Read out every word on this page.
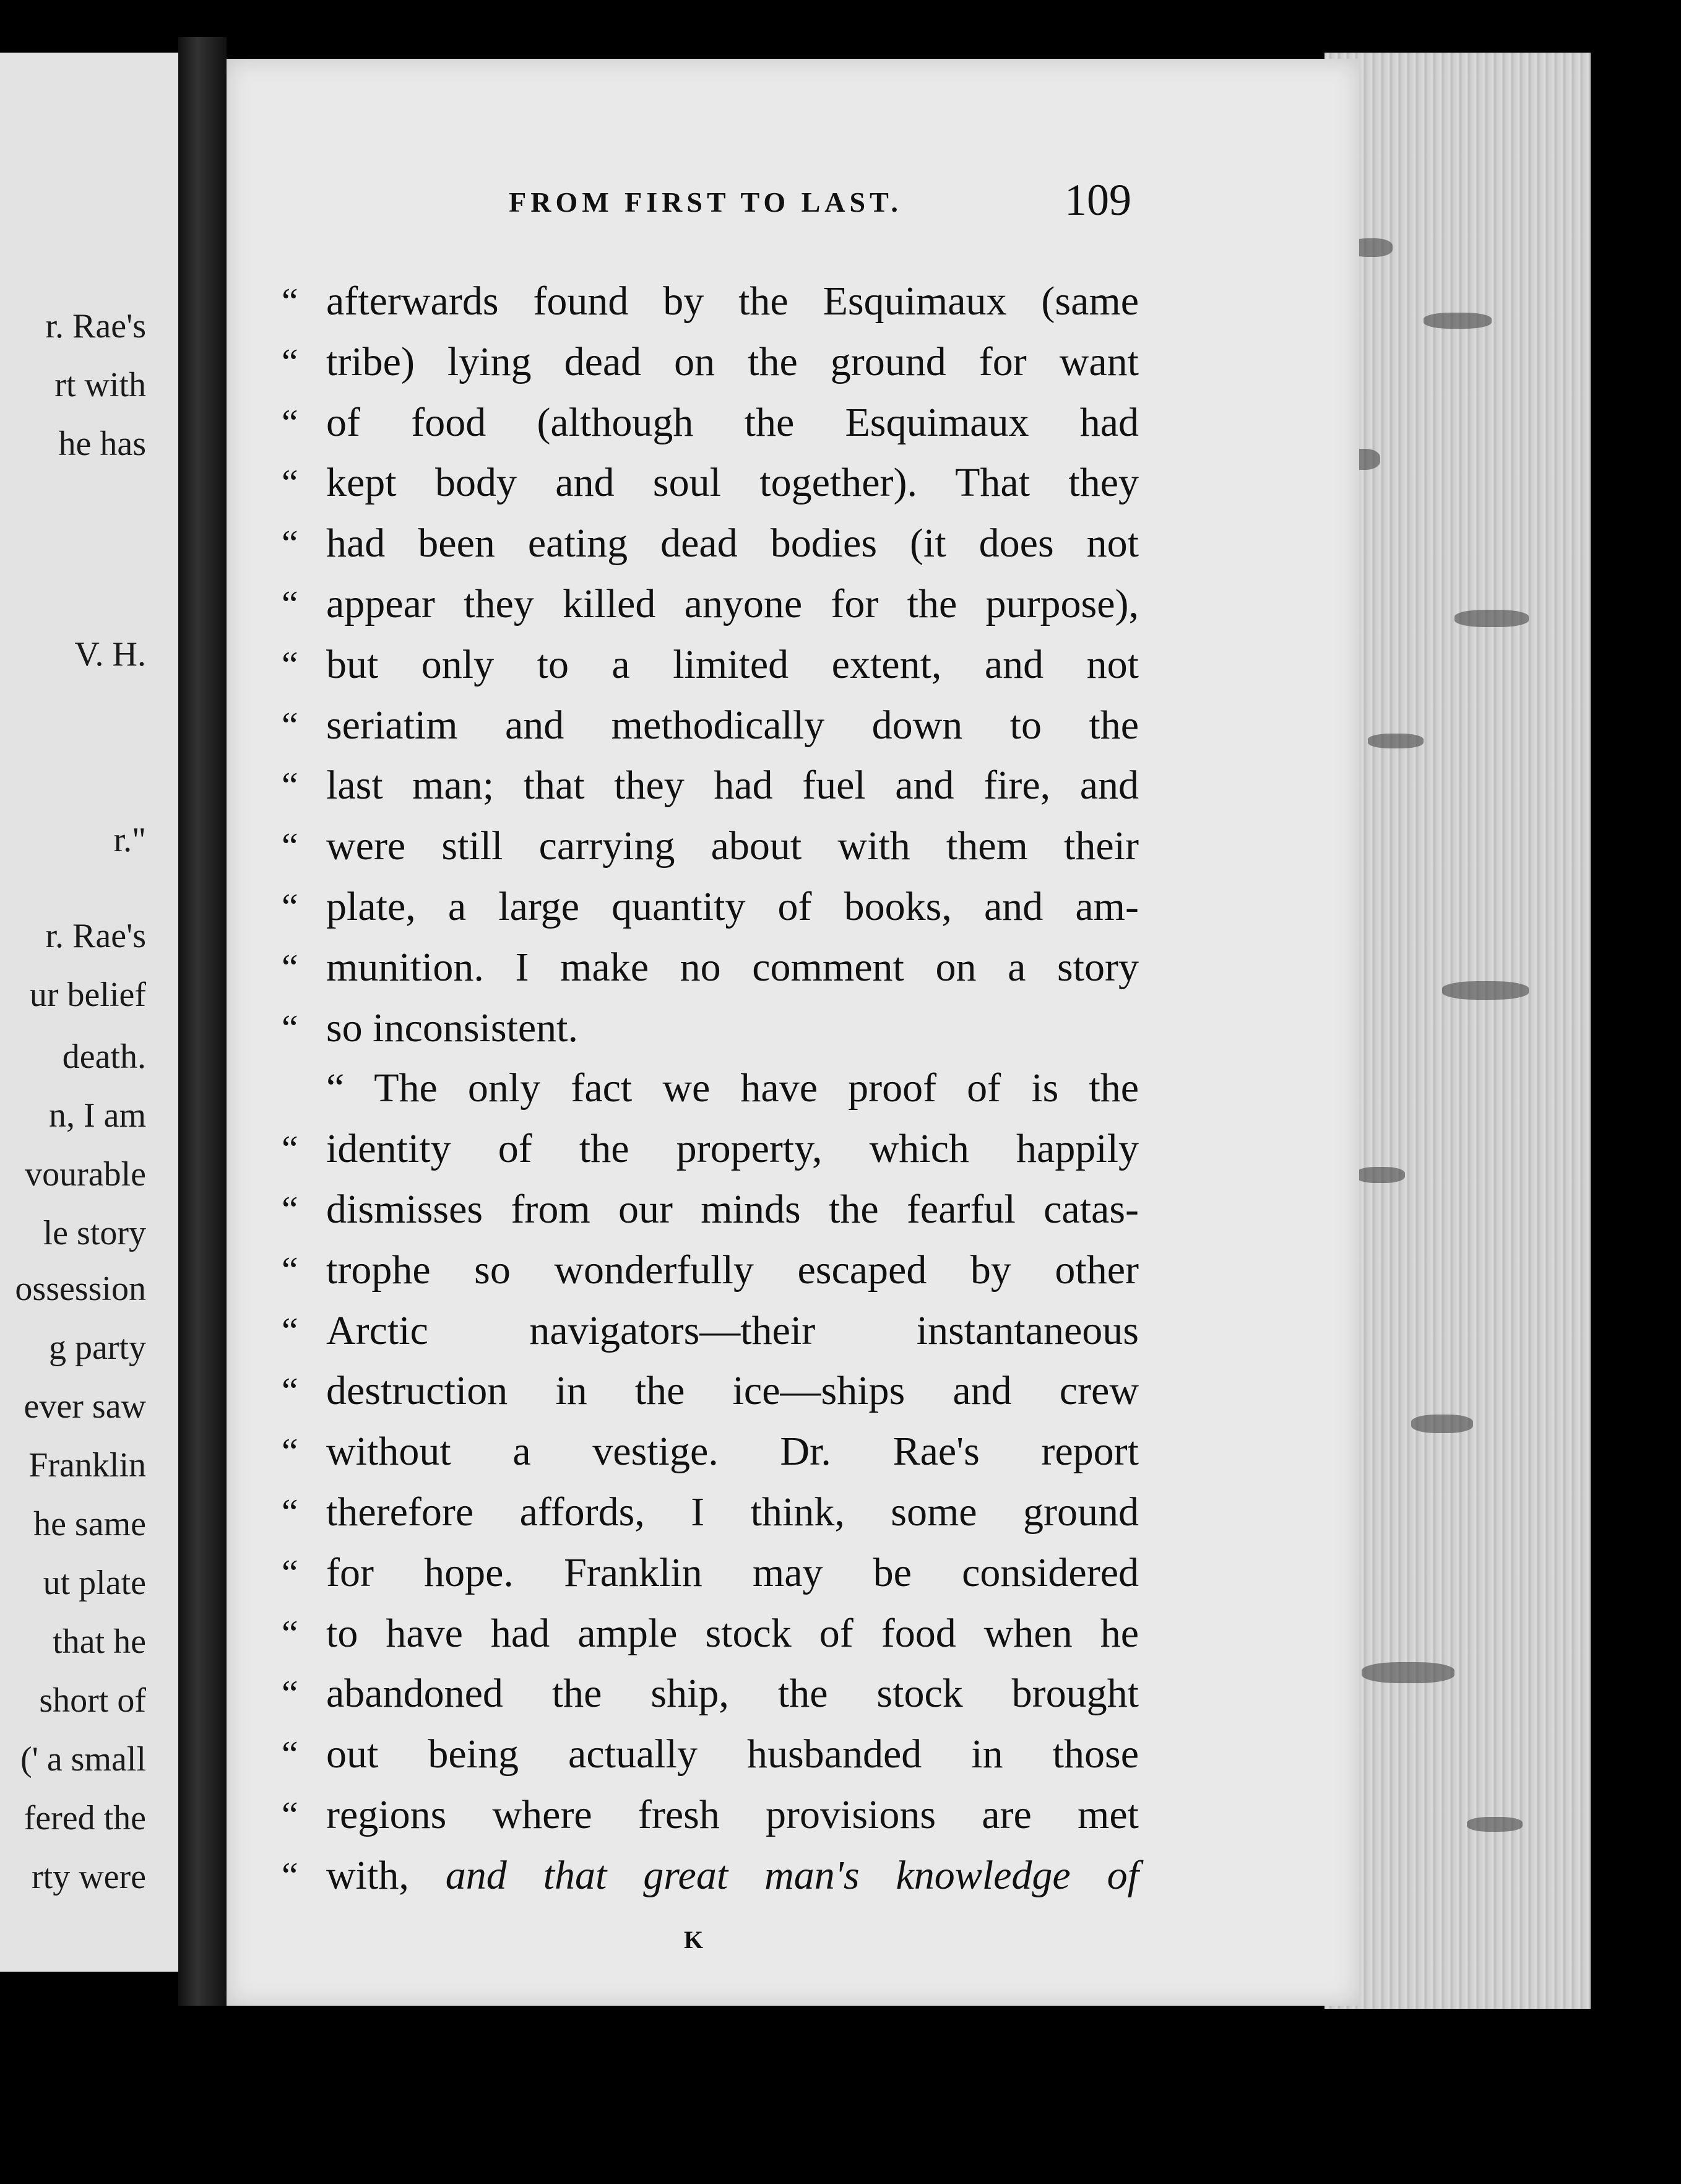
r. Rae's
rt with
he has
V. H.
r."
r. Rae's
ur belief
death.
n, I am
vourable
le story
ossession
g party
ever saw
Franklin
he same
ut plate
that he
short of
(' a small
fered the
rty were
FROM FIRST TO LAST.	109
“ afterwards found by the Esquimaux (same
“ tribe) lying dead on the ground for want
“ of food (although the Esquimaux had
“ kept body and soul together). That they
“ had been eating dead bodies (it does not
“ appear they killed anyone for the purpose),
“ but only to a limited extent, and not
“ seriatim and methodically down to the
“ last man; that they had fuel and fire, and
“ were still carrying about with them their
“ plate, a large quantity of books, and am-
“ munition. I make no comment on a story
“ so inconsistent.
“ The only fact we have proof of is the
“ identity of the property, which happily
“ dismisses from our minds the fearful catas-
“ trophe so wonderfully escaped by other
“ Arctic navigators—their instantaneous
“ destruction in the ice—ships and crew
“ without a vestige. Dr. Rae's report
“ therefore affords, I think, some ground
“ for hope. Franklin may be considered
“ to have had ample stock of food when he
“ abandoned the ship, the stock brought
“ out being actually husbanded in those
“ regions where fresh provisions are met
“ with, and that great man's knowledge of
K
